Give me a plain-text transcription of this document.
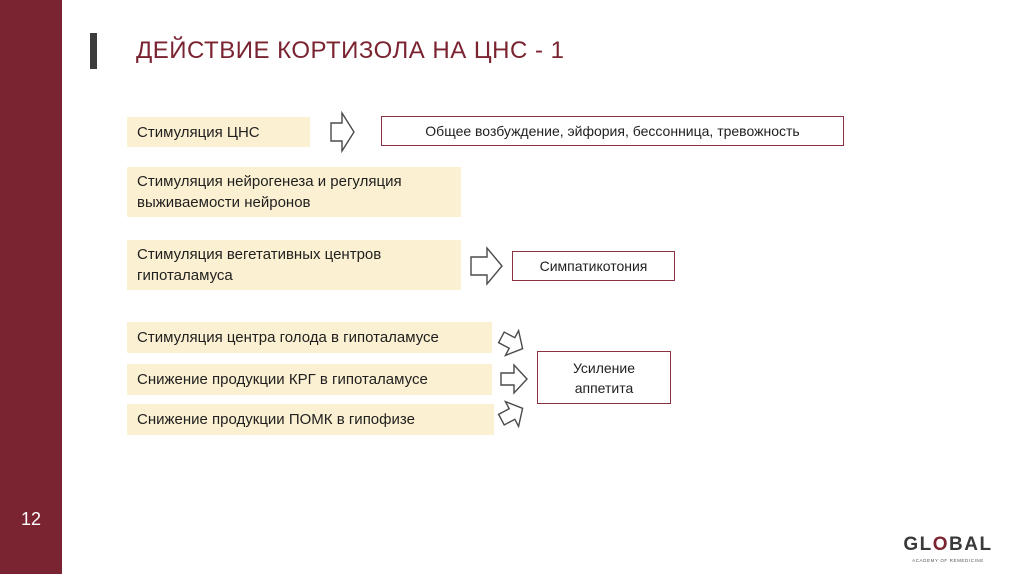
12
ДЕЙСТВИЕ КОРТИЗОЛА НА ЦНС - 1
Стимуляция ЦНС
Стимуляция нейрогенеза и регуляция выживаемости нейронов
Стимуляция вегетативных центров гипоталамуса
Стимуляция центра голода в гипоталамусе
Снижение продукции КРГ в гипоталамусе
Снижение продукции ПОМК в гипофизе
Общее возбуждение, эйфория, бессонница, тревожность
Симпатикотония
Усиление аппетита
GLOBAL
ACADEMY OF REMEDICINE
